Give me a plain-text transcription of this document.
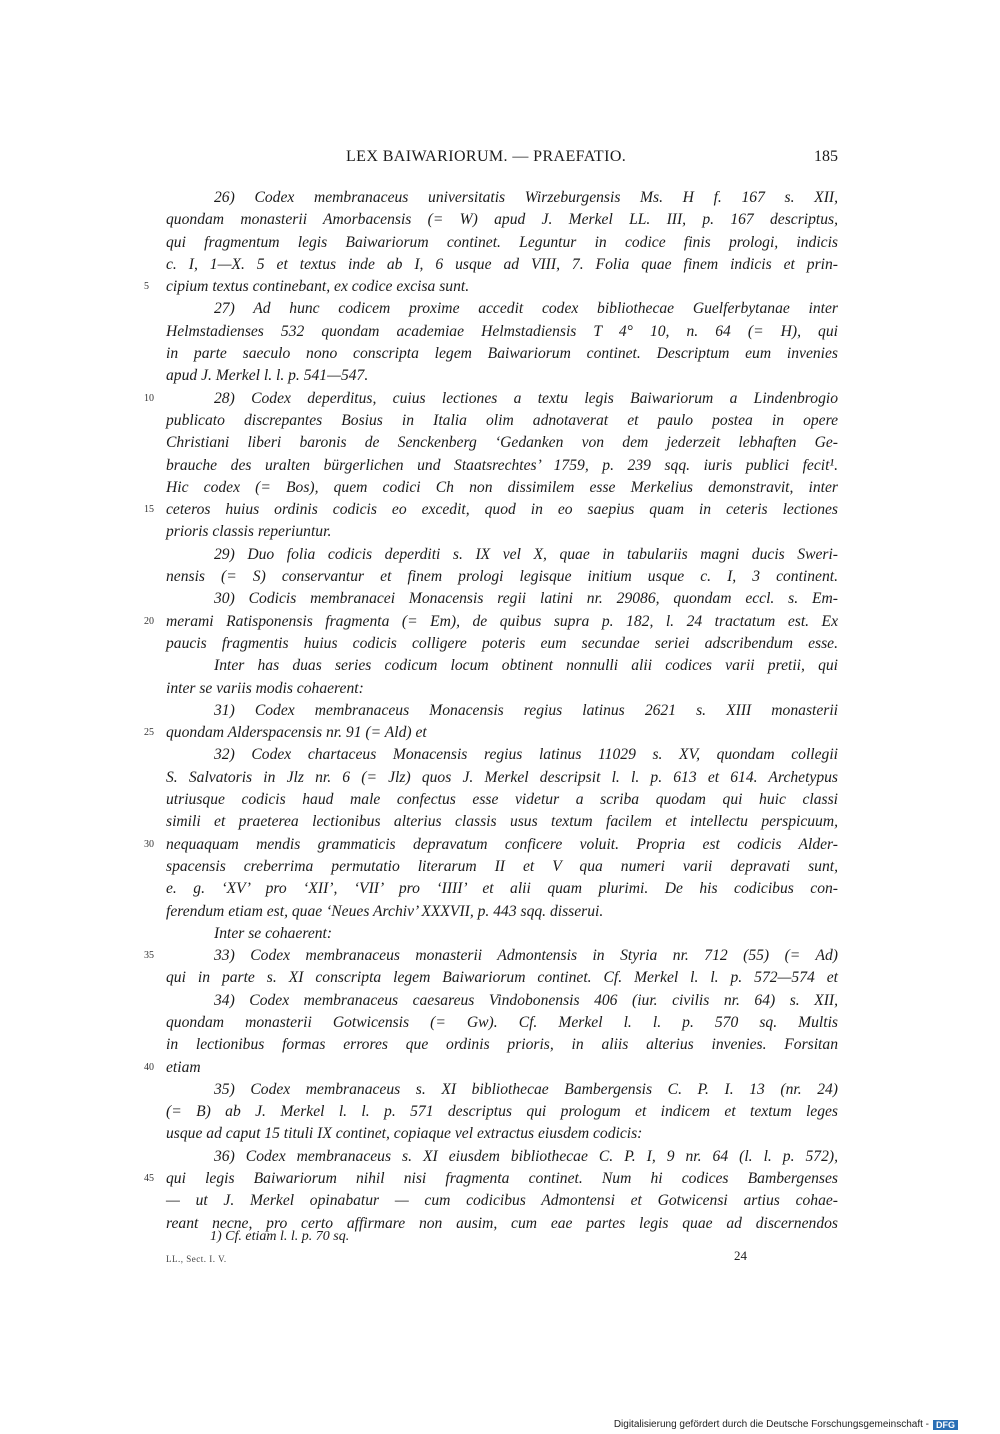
LEX BAIWARIORUM. — PRAEFATIO.	185
26) Codex membranaceus universitatis Wirzeburgensis Ms. H f. 167 s. XII,
quondam monasterii Amorbacensis (= W) apud J. Merkel LL. III, p. 167 descriptus,
qui fragmentum legis Baiwariorum continet. Leguntur in codice finis prologi, indicis
c. I, 1—X. 5 et textus inde ab I, 6 usque ad VIII, 7. Folia quae finem indicis et prin-
5 cipium textus continebant, ex codice excisa sunt.
27) Ad hunc codicem proxime accedit codex bibliothecae Guelferbytanae inter
Helmstadienses 532 quondam academiae Helmstadiensis T 4° 10, n. 64 (= H), qui
in parte saeculo nono conscripta legem Baiwariorum continet. Descriptum eum invenies
apud J. Merkel l. l. p. 541—547.
10	28) Codex deperditus, cuius lectiones a textu legis Baiwariorum a Lindenbrogio
publicato discrepantes Bosius in Italia olim adnotaverat et paulo postea in opere
Christiani liberi baronis de Senckenberg ‘Gedanken von dem jederzeit lebhaften Ge-
brauche des uralten bürgerlichen und Staatsrechtes’ 1759, p. 239 sqq. iuris publici fecit¹.
Hic codex (= Bos), quem codici Ch non dissimilem esse Merkelius demonstravit, inter
15 ceteros huius ordinis codicis eo excedit, quod in eo saepius quam in ceteris lectiones
prioris classis reperiuntur.
29) Duo folia codicis deperditi s. IX vel X, quae in tabulariis magni ducis Sweri-
nensis (= S) conservantur et finem prologi legisque initium usque c. I, 3 continent.
30) Codicis membranacei Monacensis regii latini nr. 29086, quondam eccl. s. Em-
20 merami Ratisponensis fragmenta (= Em), de quibus supra p. 182, l. 24 tractatum est. Ex
paucis fragmentis huius codicis colligere poteris eum secundae seriei adscribendum esse.
Inter has duas series codicum locum obtinent nonnulli alii codices varii pretii, qui
inter se variis modis cohaerent:
31) Codex membranaceus Monacensis regius latinus 2621 s. XIII monasterii
25 quondam Alderspacensis nr. 91 (= Ald) et
32) Codex chartaceus Monacensis regius latinus 11029 s. XV, quondam collegii
S. Salvatoris in Jlz nr. 6 (= Jlz) quos J. Merkel descripsit l. l. p. 613 et 614. Archetypus
utriusque codicis haud male confectus esse videtur a scriba quodam qui huic classi
simili et praeterea lectionibus alterius classis usus textum facilem et intellectu perspicuum,
30 nequaquam mendis grammaticis depravatum conficere voluit. Propria est codicis Alder-
spacensis creberrima permutatio literarum II et V qua numeri varii depravati sunt,
e. g. ‘XV’ pro ‘XII’, ‘VII’ pro ‘IIII’ et alii quam plurimi. De his codicibus con-
ferendum etiam est, quae ‘Neues Archiv’ XXXVII, p. 443 sqq. disserui.
Inter se cohaerent:
35	33) Codex membranaceus monasterii Admontensis in Styria nr. 712 (55) (= Ad)
qui in parte s. XI conscripta legem Baiwariorum continet. Cf. Merkel l. l. p. 572—574 et
34) Codex membranaceus caesareus Vindobonensis 406 (iur. civilis nr. 64) s. XII,
quondam monasterii Gotwicensis (= Gw). Cf. Merkel l. l. p. 570 sq. Multis
in lectionibus formas errores que ordinis prioris, in aliis alterius invenies. Forsitan
40 etiam
35) Codex membranaceus s. XI bibliothecae Bambergensis C. P. I. 13 (nr. 24)
(= B) ab J. Merkel l. l. p. 571 descriptus qui prologum et indicem et textum leges
usque ad caput 15 tituli IX continet, copiaque vel extractus eiusdem codicis:
36) Codex membranaceus s. XI eiusdem bibliothecae C. P. I, 9 nr. 64 (l. l. p. 572),
45 qui legis Baiwariorum nihil nisi fragmenta continet. Num hi codices Bambergenses
— ut J. Merkel opinabatur — cum codicibus Admontensi et Gotwicensi artius cohae-
reant necne, pro certo affirmare non ausim, cum eae partes legis quae ad discernendos
1) Cf. etiam l. l. p. 70 sq.
LL., Sect. I. V.	24
Digitalisierung gefördert durch die Deutsche Forschungsgemeinschaft - DFG
